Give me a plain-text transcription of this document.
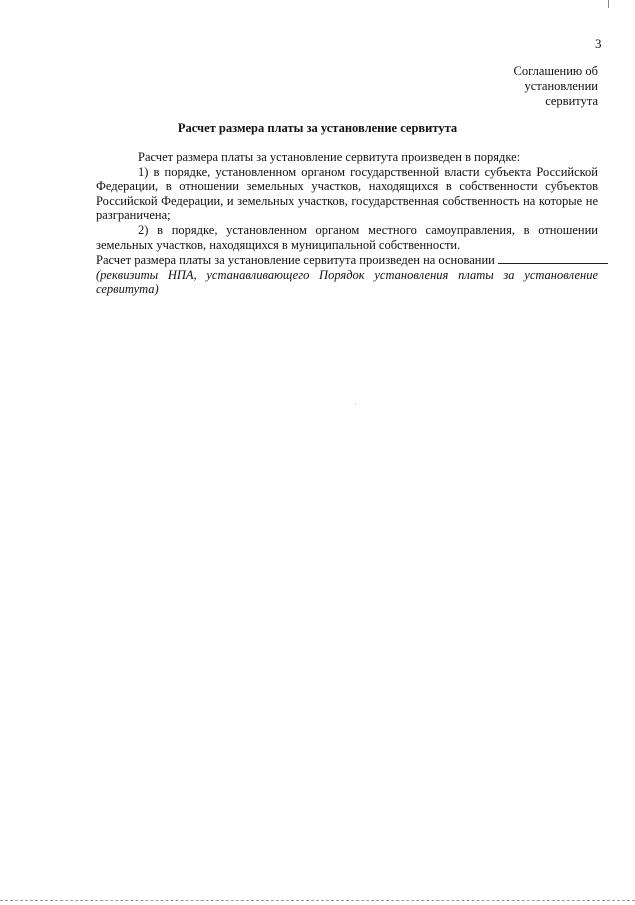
3
Соглашению об
установлении
сервитута
Расчет размера платы за установление сервитута

Расчет размера платы за установление сервитута произведен в порядке:

1) в порядке, установленном органом государственной власти субъекта Российской Федерации, в отношении земельных участков, находящихся в собственности субъектов Российской Федерации, и земельных участков, государственная собственность на которые не разграничена;

2) в порядке, установленном органом местного самоуправления, в отношении земельных участков, находящихся в муниципальной собственности.

Расчет размера платы за установление сервитута произведен на основании

(реквизиты НПА, устанавливающего Порядок установления платы за установление сервитута)
